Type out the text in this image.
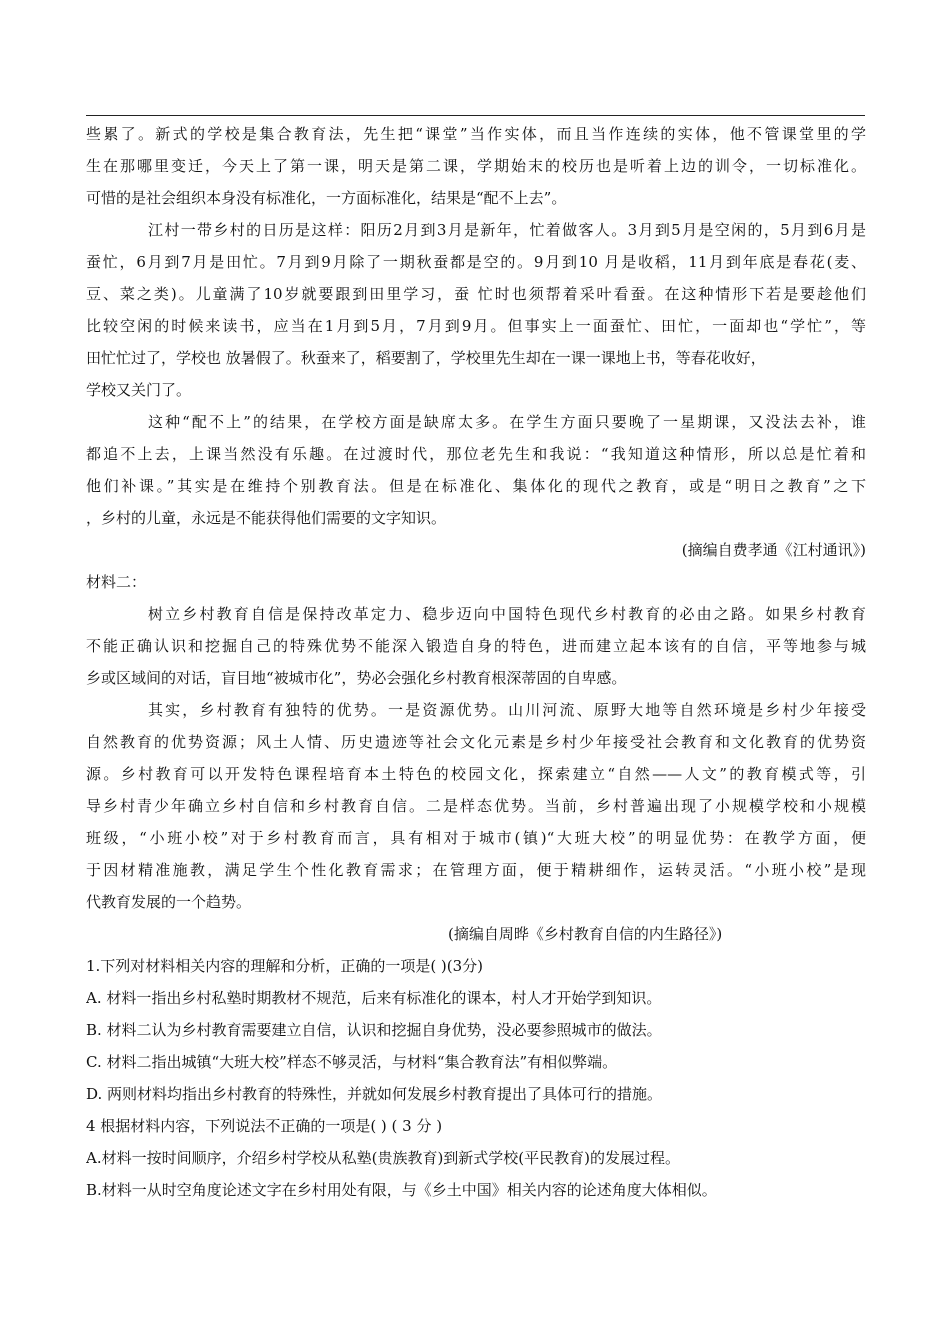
些累了。新式的学校是集合教育法，先生把“课堂”当作实体，而且当作连续的实体，他不管课堂里的学
生在那哪里变迁，今天上了第一课，明天是第二课，学期始末的校历也是听着上边的训令，一切标准化。
可惜的是社会组织本身没有标准化，一方面标准化，结果是“配不上去”。
江村一带乡村的日历是这样：阳历2月到3月是新年，忙着做客人。3月到5月是空闲的，5月到6月是
蚕忙，6月到7月是田忙。7月到9月除了一期秋蚕都是空的。9月到10 月是收稻，11月到年底是春花(麦、
豆、菜之类)。儿童满了10岁就要跟到田里学习，蚕 忙时也须帮着采叶看蚕。在这种情形下若是要趁他们
比较空闲的时候来读书，应当在1月到5月，7月到9月。但事实上一面蚕忙、田忙，一面却也“学忙”，等
田忙忙过了，学校也 放暑假了。秋蚕来了，稻要割了，学校里先生却在一课一课地上书，等春花收好，
学校又关门了。
这种“配不上”的结果，在学校方面是缺席太多。在学生方面只要晚了一星期课，又没法去补，谁
都追不上去，上课当然没有乐趣。在过渡时代，那位老先生和我说：“我知道这种情形，所以总是忙着和
他们补课。”其实是在维持个别教育法。但是在标准化、集体化的现代之教育，或是“明日之教育”之下
，乡村的儿童，永远是不能获得他们需要的文字知识。
(摘编自费孝通《江村通讯》)
材料二：
树立乡村教育自信是保持改革定力、稳步迈向中国特色现代乡村教育的必由之路。如果乡村教育
不能正确认识和挖掘自己的特殊优势不能深入锻造自身的特色，进而建立起本该有的自信，平等地参与城
乡或区域间的对话，盲目地“被城市化”，势必会强化乡村教育根深蒂固的自卑感。
其实，乡村教育有独特的优势。一是资源优势。山川河流、原野大地等自然环境是乡村少年接受
自然教育的优势资源；风土人情、历史遗迹等社会文化元素是乡村少年接受社会教育和文化教育的优势资
源。乡村教育可以开发特色课程培育本土特色的校园文化，探索建立“自然——人文”的教育模式等，引
导乡村青少年确立乡村自信和乡村教育自信。二是样态优势。当前，乡村普遍出现了小规模学校和小规模
班级，“小班小校”对于乡村教育而言，具有相对于城市(镇)“大班大校”的明显优势：在教学方面，便
于因材精准施教，满足学生个性化教育需求；在管理方面，便于精耕细作，运转灵活。“小班小校”是现
代教育发展的一个趋势。
(摘编自周晔《乡村教育自信的内生路径》)
1.下列对材料相关内容的理解和分析，正确的一项是( )(3分)
A. 材料一指出乡村私塾时期教材不规范，后来有标准化的课本，村人才开始学到知识。
B. 材料二认为乡村教育需要建立自信，认识和挖掘自身优势，没必要参照城市的做法。
C. 材料二指出城镇“大班大校”样态不够灵活，与材料“集合教育法”有相似弊端。
D. 两则材料均指出乡村教育的特殊性，并就如何发展乡村教育提出了具体可行的措施。
4 根据材料内容，下列说法不正确的一项是( ) ( 3 分 )
A.材料一按时间顺序，介绍乡村学校从私塾(贵族教育)到新式学校(平民教育)的发展过程。
B.材料一从时空角度论述文字在乡村用处有限，与《乡土中国》相关内容的论述角度大体相似。
